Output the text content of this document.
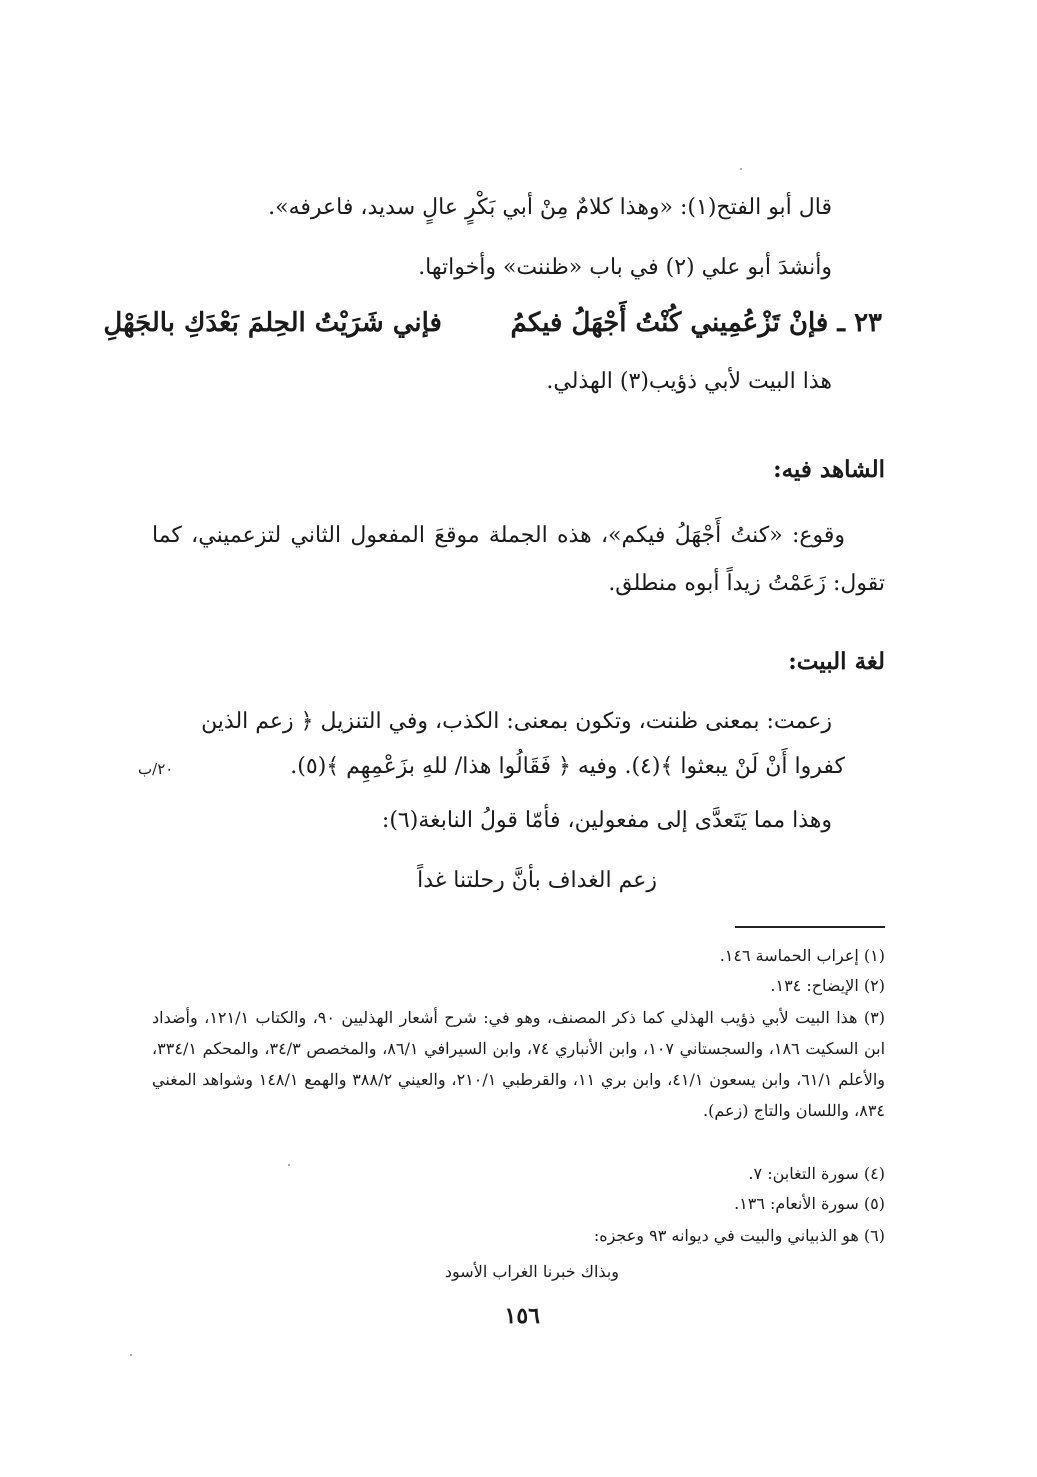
قال أبو الفتح(١): «وهذا كلامٌ مِنْ أبي بَكْرٍ عالٍ سديد، فاعرفه».
وأنشدَ أبو علي (٢) في باب «ظننت» وأخواتها.
٢٣ ـ فإنْ تَزْعُمِيني كُنْتُ أَجْهَلُ فيكمُ
فإني شَرَيْتُ الحِلمَ بَعْدَكِ بالجَهْلِ
هذا البيت لأبي ذؤيب(٣) الهذلي.
الشاهد فيه:
وقوع: «كنتُ أَجْهَلُ فيكم»، هذه الجملة موقعَ المفعول الثاني لتزعميني، كما تقول: زَعَمْتُ زيداً أبوه منطلق.
لغة البيت:
زعمت: بمعنى ظننت، وتكون بمعنى: الكذب، وفي التنزيل ﴿ زعم الذين
كفروا أَنْ لَنْ يبعثوا ﴾(٤). وفيه ﴿ فَقَالُوا هذا/ للهِ بزَعْمِهِم ﴾(٥).
٢٠/ب
وهذا مما يَتَعدَّى إلى مفعولين، فأمّا قولُ النابغة(٦):
زعم الغداف بأنَّ رحلتنا غداً
(١) إعراب الحماسة ١٤٦.
(٢) الإيضاح: ١٣٤.
(٣) هذا البيت لأبي ذؤيب الهذلي كما ذكر المصنف، وهو في: شرح أشعار الهذليين ٩٠، والكتاب ١٢١/١، وأضداد ابن السكيت ١٨٦، والسجستاني ١٠٧، وابن الأنباري ٧٤، وابن السيرافي ٨٦/١، والمخصص ٣٤/٣، والمحكم ٣٣٤/١، والأعلم ٦١/١، وابن يسعون ٤١/١، وابن بري ١١، والقرطبي ٢١٠/١، والعيني ٣٨٨/٢ والهمع ١٤٨/١ وشواهد المغني ٨٣٤، واللسان والتاج (زعم).
(٤) سورة التغابن: ٧.
(٥) سورة الأنعام: ١٣٦.
(٦) هو الذبياني والبيت في ديوانه ٩٣ وعجزه:
وبذاك خبرنا الغراب الأسود
١٥٦
